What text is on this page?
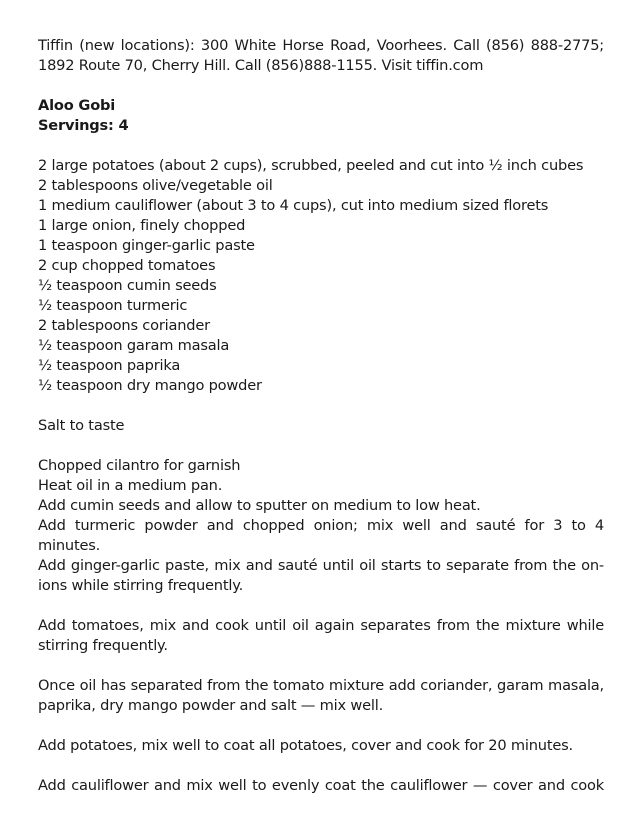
Tiffin (new locations): 300 White Horse Road, Voorhees. Call (856) 888-2775;
1892 Route 70, Cherry Hill. Call (856)888-1155. Visit tiffin.com
Aloo Gobi
Servings: 4
2 large potatoes (about 2 cups), scrubbed, peeled and cut into ½ inch cubes
2 tablespoons olive/vegetable oil
1 medium cauliflower (about 3 to 4 cups), cut into medium sized florets
1 large onion, finely chopped
1 teaspoon ginger-garlic paste
2 cup chopped tomatoes
½ teaspoon cumin seeds
½ teaspoon turmeric
2 tablespoons coriander
½ teaspoon garam masala
½ teaspoon paprika
½ teaspoon dry mango powder
Salt to taste
Chopped cilantro for garnish
Heat oil in a medium pan.
Add cumin seeds and allow to sputter on medium to low heat.
Add turmeric powder and chopped onion; mix well and sauté for 3 to 4 minutes.
Add ginger-garlic paste, mix and sauté until oil starts to separate from the on-
ions while stirring frequently.
Add tomatoes, mix and cook until oil again separates from the mixture while
stirring frequently.
Once oil has separated from the tomato mixture add coriander, garam masala,
paprika, dry mango powder and salt — mix well.
Add potatoes, mix well to coat all potatoes, cover and cook for 20 minutes.
Add cauliflower and mix well to evenly coat the cauliflower — cover and cook
